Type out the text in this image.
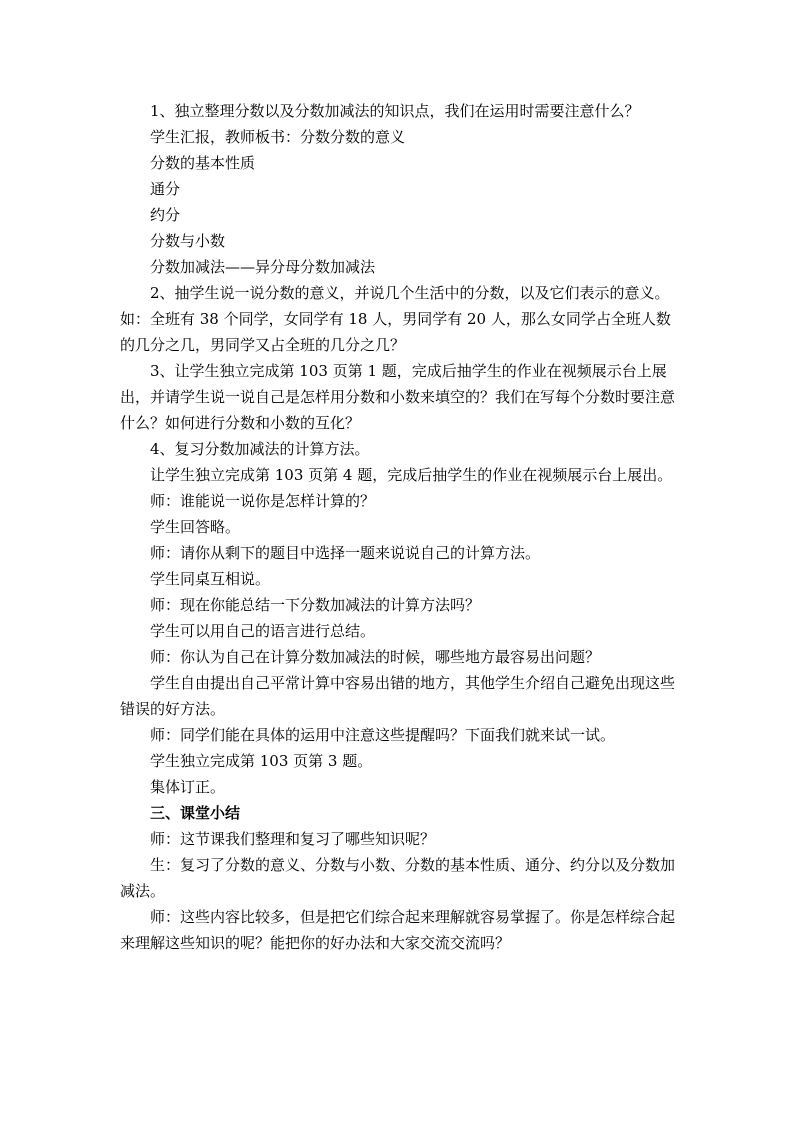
1、独立整理分数以及分数加减法的知识点，我们在运用时需要注意什么？

学生汇报，教师板书：分数分数的意义

分数的基本性质

通分

约分

分数与小数

分数加减法——异分母分数加减法

2、抽学生说一说分数的意义，并说几个生活中的分数，以及它们表示的意义。如：全班有 38 个同学，女同学有 18 人，男同学有 20 人，那么女同学占全班人数的几分之几，男同学又占全班的几分之几？

3、让学生独立完成第 103 页第 1 题，完成后抽学生的作业在视频展示台上展出，并请学生说一说自己是怎样用分数和小数来填空的？我们在写每个分数时要注意什么？如何进行分数和小数的互化？

4、复习分数加减法的计算方法。

让学生独立完成第 103 页第 4 题，完成后抽学生的作业在视频展示台上展出。

师：谁能说一说你是怎样计算的？

学生回答略。

师：请你从剩下的题目中选择一题来说说自己的计算方法。

学生同桌互相说。

师：现在你能总结一下分数加减法的计算方法吗？

学生可以用自己的语言进行总结。

师：你认为自己在计算分数加减法的时候，哪些地方最容易出问题？

学生自由提出自己平常计算中容易出错的地方，其他学生介绍自己避免出现这些错误的好方法。

师：同学们能在具体的运用中注意这些提醒吗？下面我们就来试一试。

学生独立完成第 103 页第 3 题。

集体订正。

三、课堂小结

师：这节课我们整理和复习了哪些知识呢？

生：复习了分数的意义、分数与小数、分数的基本性质、通分、约分以及分数加减法。

师：这些内容比较多，但是把它们综合起来理解就容易掌握了。你是怎样综合起来理解这些知识的呢？能把你的好办法和大家交流交流吗？
